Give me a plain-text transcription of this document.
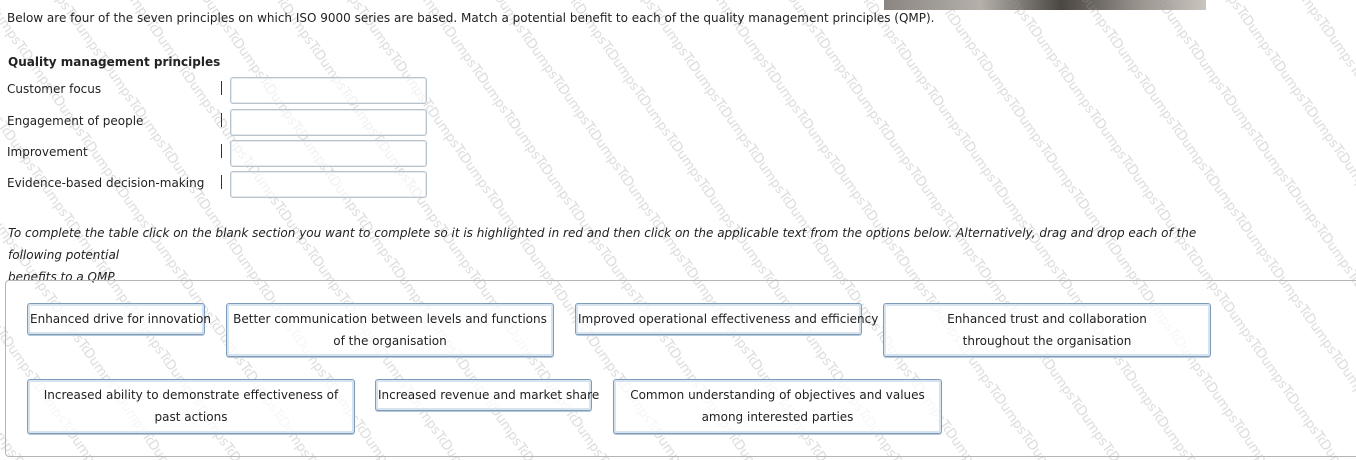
Below are four of the seven principles on which ISO 9000 series are based. Match a potential benefit to each of the quality management principles (QMP).
Quality management principles
Customer focus
Engagement of people
Improvement
Evidence-based decision-making
To complete the table click on the blank section you want to complete so it is highlighted in red and then click on the applicable text from the options below. Alternatively, drag and drop each of the following potential
benefits to a QMP.
Enhanced drive for innovation	Better communication between levels and functions of the organisation
Improved operational effectiveness and efficiency	Enhanced trust and collaboration throughout the organisation
Increased ability to demonstrate effectiveness of past actions
Increased revenue and market share	Common understanding of objectives and values among interested parties
